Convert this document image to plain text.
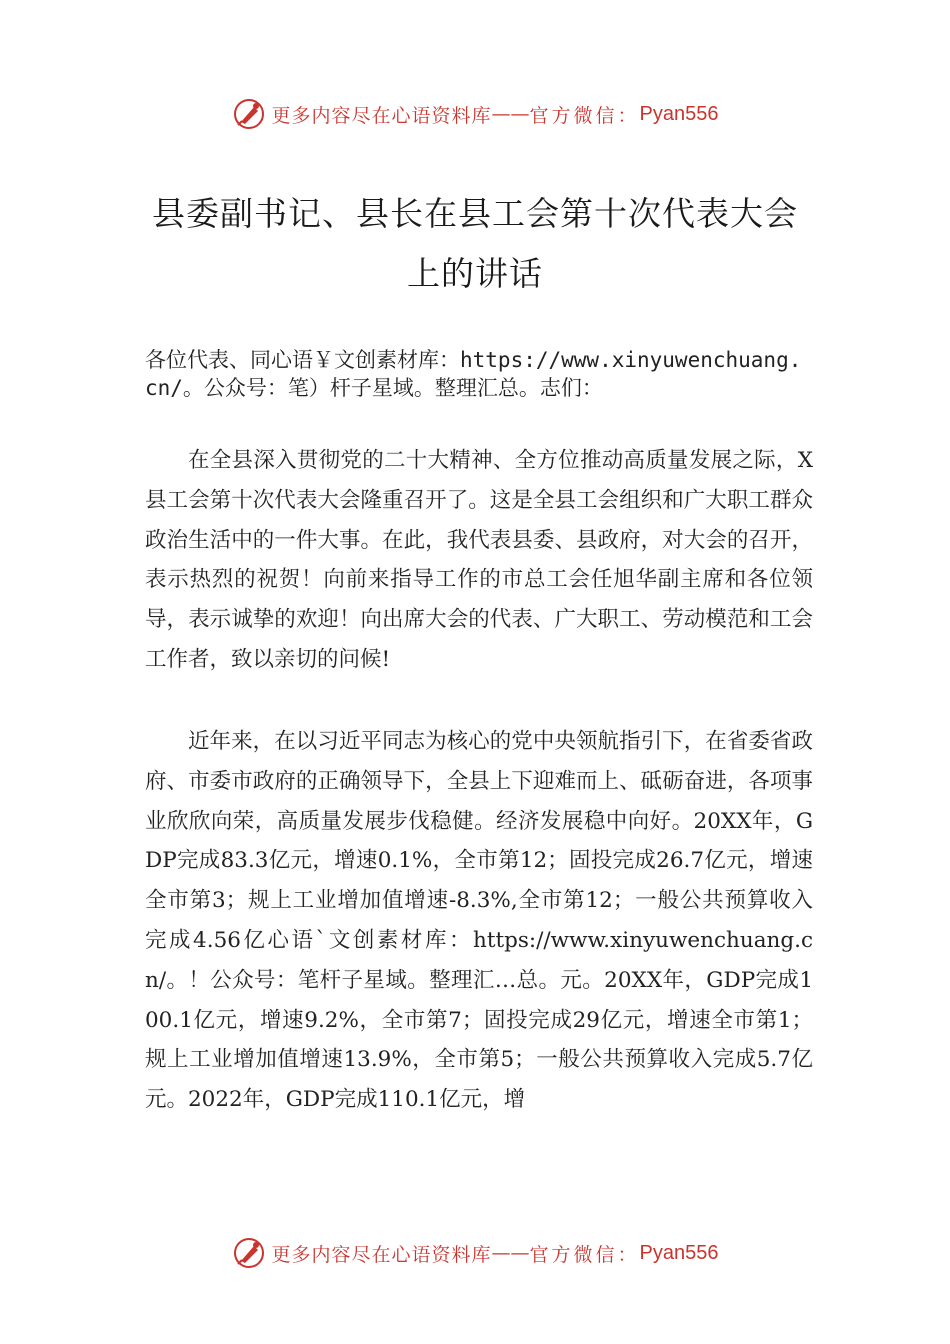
更多内容尽在心语资料库 —— 官方微信： Pyan556
县委副书记、县长在县工会第十次代表大会上的讲话
各位代表、同心语￥文创素材库：https://www.xinyuwenchuang.cn/。公众号：笔）杆子星域。整理汇总。志们：
在全县深入贯彻党的二十大精神、全方位推动高质量发展之际，X县工会第十次代表大会隆重召开了。这是全县工会组织和广大职工群众政治生活中的一件大事。在此，我代表县委、县政府，对大会的召开，表示热烈的祝贺！向前来指导工作的市总工会任旭华副主席和各位领导，表示诚挚的欢迎！向出席大会的代表、广大职工、劳动模范和工会工作者，致以亲切的问候!
近年来，在以习近平同志为核心的党中央领航指引下，在省委省政府、市委市政府的正确领导下，全县上下迎难而上、砥砺奋进，各项事业欣欣向荣，高质量发展步伐稳健。经济发展稳中向好。20XX年，GDP完成83.3亿元，增速0.1%，全市第12；固投完成26.7亿元，增速全市第3；规上工业增加值增速-8.3%,全市第12；一般公共预算收入完成4.56亿心语`文创素材库：https://www.xinyuwenchuang.cn/。！公众号：笔杆子星域。整理汇…总。元。20XX年，GDP完成100.1亿元，增速9.2%，全市第7；固投完成29亿元，增速全市第1；规上工业增加值增速13.9%，全市第5；一般公共预算收入完成5.7亿元。2022年，GDP完成110.1亿元，增
更多内容尽在心语资料库 —— 官方微信： Pyan556
